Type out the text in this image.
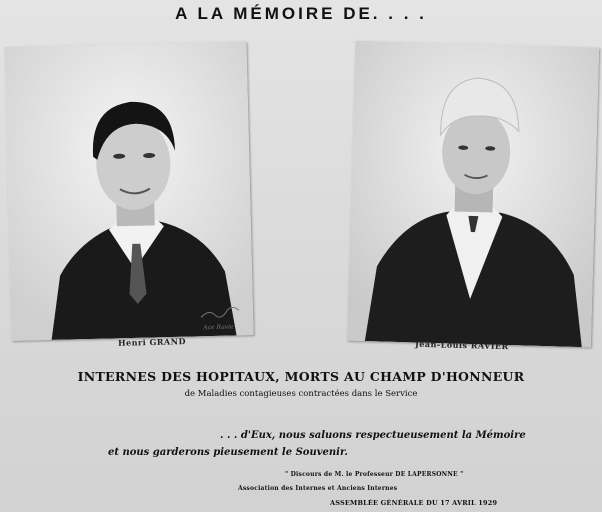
A LA MÉMOIRE DE. . . .
Ace Ravie
Henri GRAND	Jean-Louis RAVIER
INTERNES DES HOPITAUX, MORTS AU CHAMP D'HONNEUR
de Maladies contagieuses contractées dans le Service
. . . d'Eux, nous saluons respectueusement la Mémoire
et nous garderons pieusement le Souvenir.
" Discours de M. le Professeur DE LAPERSONNE "
Association des Internes et Anciens Internes
ASSEMBLÉE GÉNÉRALE DU 17 AVRIL 1929
